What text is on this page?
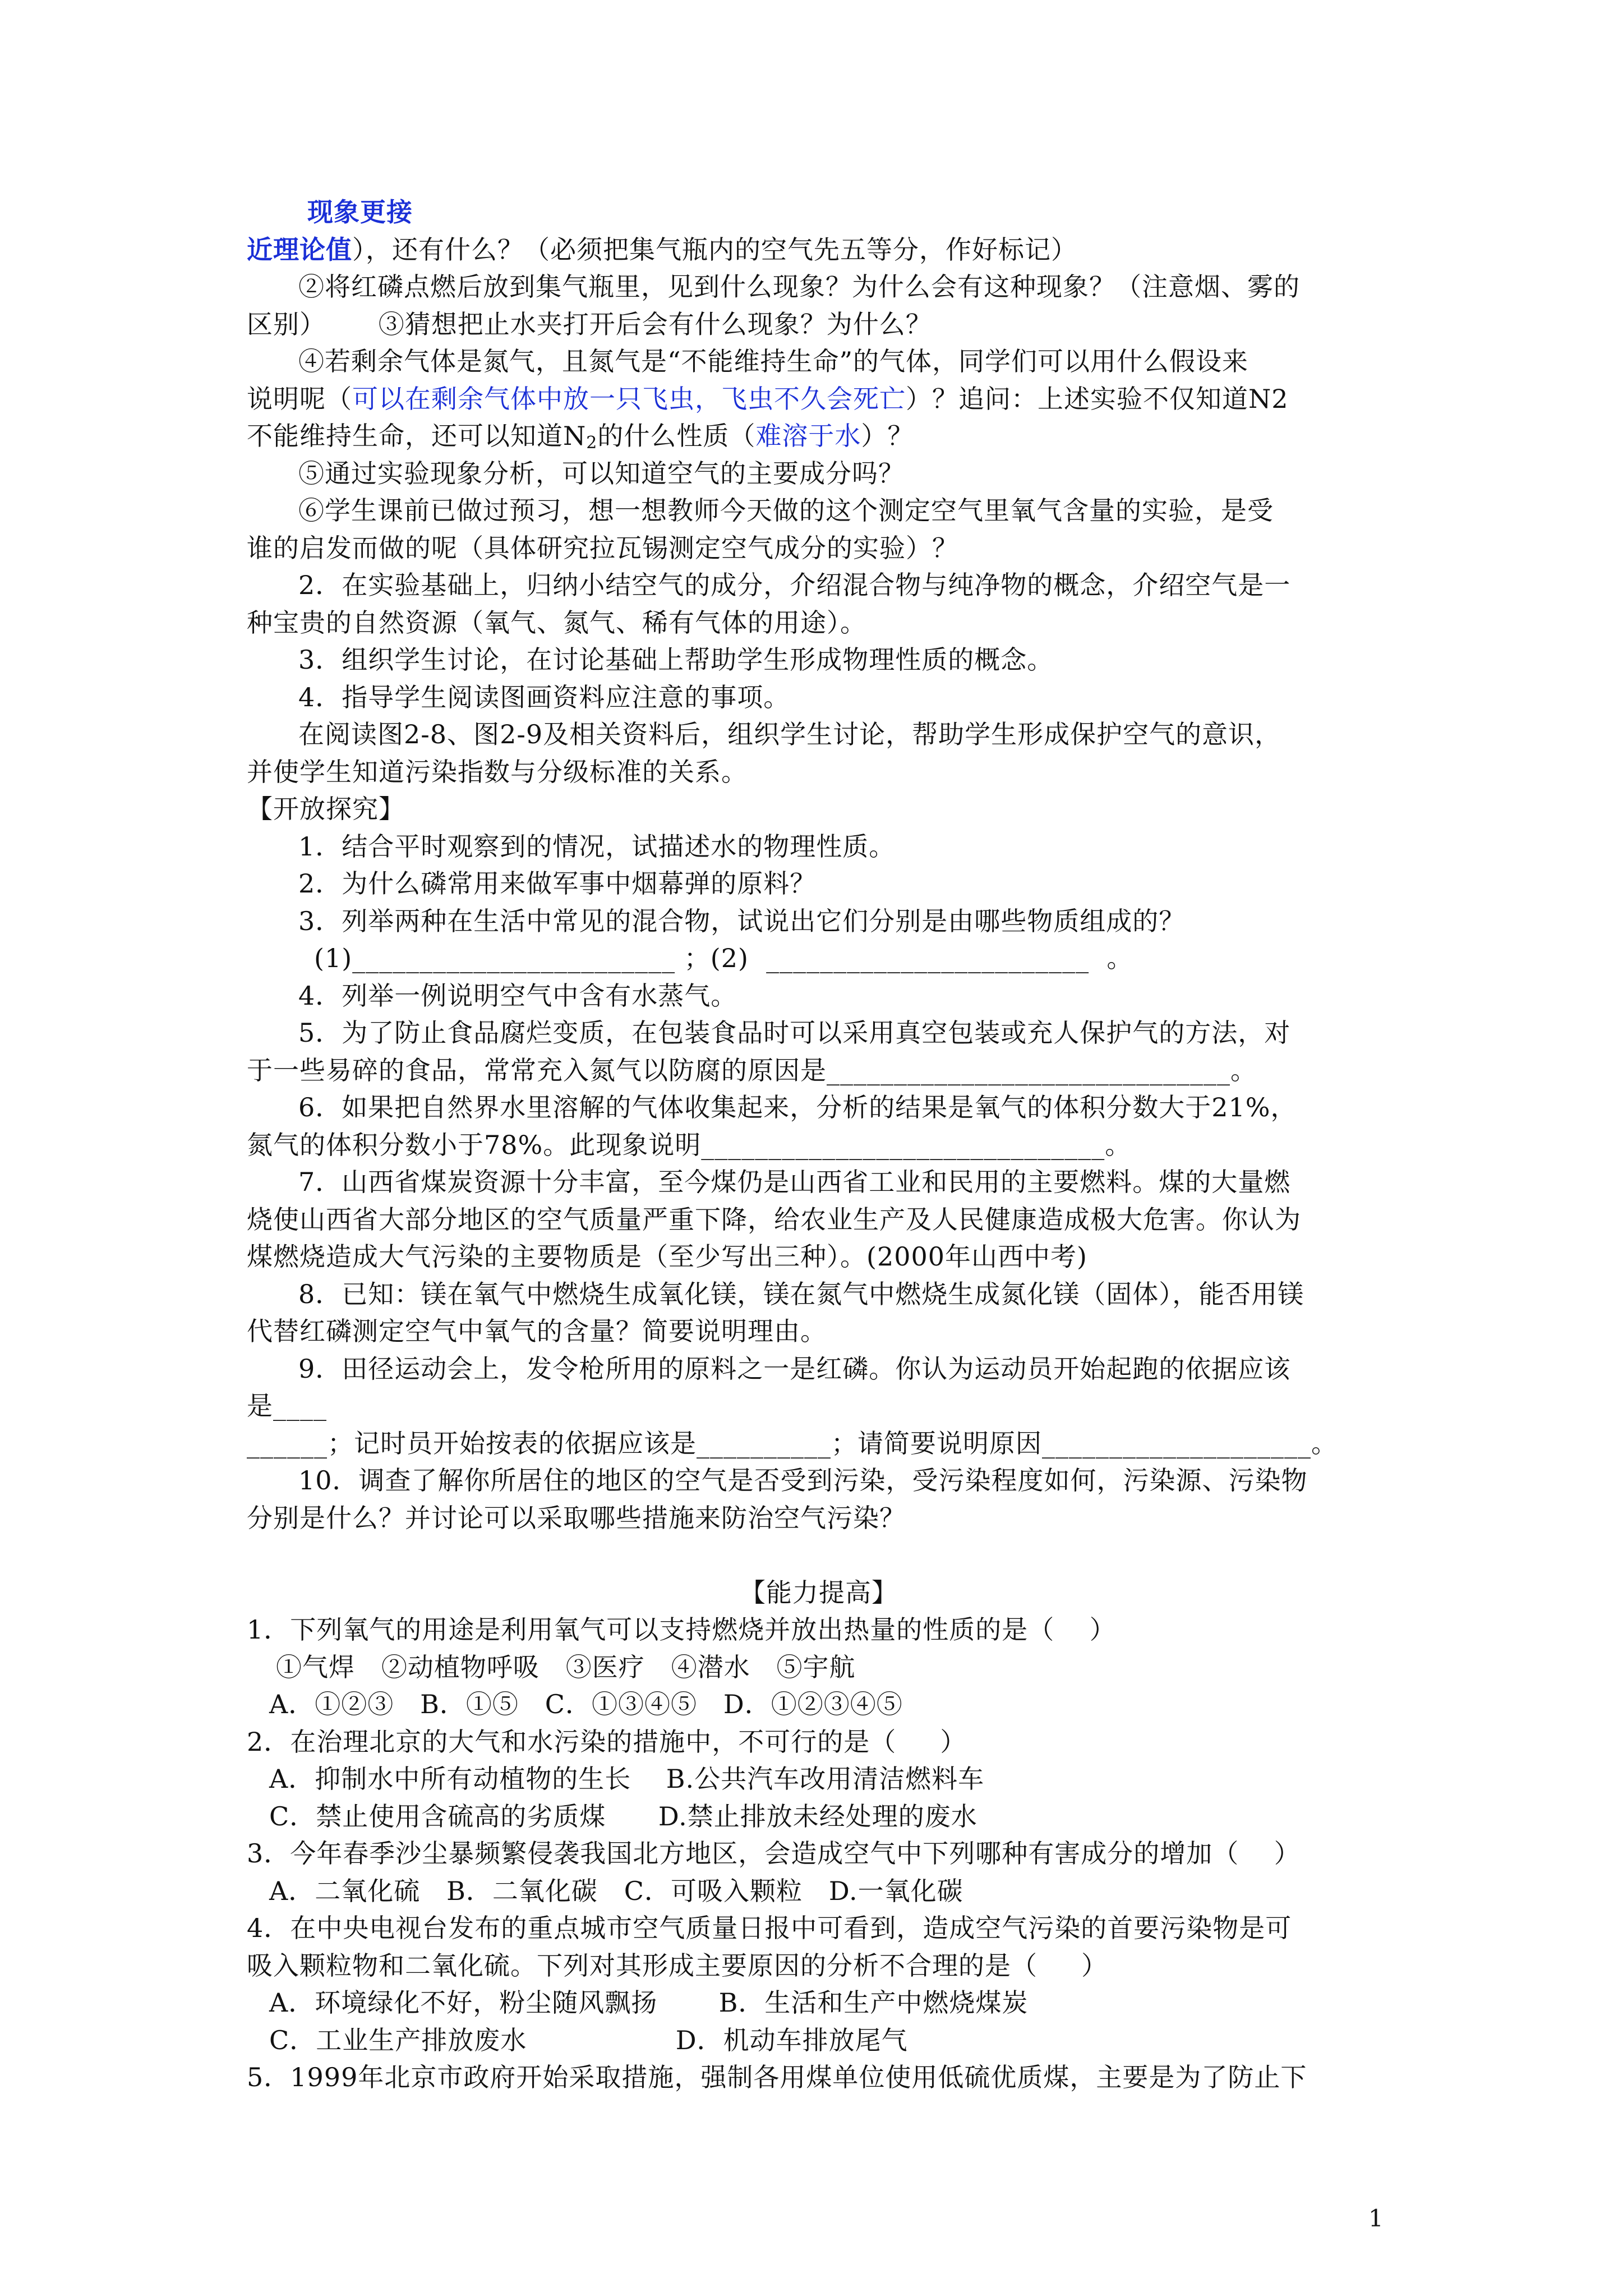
现象更接
近理论值），还有什么？（必须把集气瓶内的空气先五等分，作好标记）
②将红磷点燃后放到集气瓶里，见到什么现象？为什么会有这种现象？（注意烟、雾的
区别）      ③猜想把止水夹打开后会有什么现象？为什么？
④若剩余气体是氮气，且氮气是“不能维持生命”的气体，同学们可以用什么假设来
说明呢（可以在剩余气体中放一只飞虫，飞虫不久会死亡）？追问：上述实验不仅知道N2
不能维持生命，还可以知道$N_2$的什么性质（难溶于水）？
⑤通过实验现象分析，可以知道空气的主要成分吗？
⑥学生课前已做过预习，想一想教师今天做的这个测定空气里氧气含量的实验，是受
谁的启发而做的呢（具体研究拉瓦锡测定空气成分的实验）？
2．在实验基础上，归纳小结空气的成分，介绍混合物与纯净物的概念，介绍空气是一
种宝贵的自然资源（氧气、氮气、稀有气体的用途）。
3．组织学生讨论，在讨论基础上帮助学生形成物理性质的概念。
4．指导学生阅读图画资料应注意的事项。
在阅读图2-8、图2-9及相关资料后，组织学生讨论，帮助学生形成保护空气的意识，
并使学生知道污染指数与分级标准的关系。
【开放探究】
1．结合平时观察到的情况，试描述水的物理性质。
2．为什么磷常用来做军事中烟幕弹的原料？
3．列举两种在生活中常见的混合物，试说出它们分别是由哪些物质组成的？
(1)________________________ ；(2)  ________________________  。
4．列举一例说明空气中含有水蒸气。
5．为了防止食品腐烂变质，在包装食品时可以采用真空包装或充人保护气的方法，对
于一些易碎的食品，常常充入氮气以防腐的原因是______________________________。
6．如果把自然界水里溶解的气体收集起来，分析的结果是氧气的体积分数大于21%，
氮气的体积分数小于78%。此现象说明______________________________。
7．山西省煤炭资源十分丰富，至今煤仍是山西省工业和民用的主要燃料。煤的大量燃
烧使山西省大部分地区的空气质量严重下降，给农业生产及人民健康造成极大危害。你认为
煤燃烧造成大气污染的主要物质是（至少写出三种）。(2000年山西中考)
8．已知：镁在氧气中燃烧生成氧化镁，镁在氮气中燃烧生成氮化镁（固体），能否用镁
代替红磷测定空气中氧气的含量？简要说明理由。
9．田径运动会上，发令枪所用的原料之一是红磷。你认为运动员开始起跑的依据应该
是____
______；记时员开始按表的依据应该是__________；请简要说明原因____________________。
10．调查了解你所居住的地区的空气是否受到污染，受污染程度如何，污染源、污染物
分别是什么？并讨论可以采取哪些措施来防治空气污染？
【能力提高】
1．下列氧气的用途是利用氧气可以支持燃烧并放出热量的性质的是（    ）
①气焊   ②动植物呼吸   ③医疗   ④潜水   ⑤宇航
A．①②③   B．①⑤   C．①③④⑤   D．①②③④⑤
2．在治理北京的大气和水污染的措施中，不可行的是（     ）
A．抑制水中所有动植物的生长    B.公共汽车改用清洁燃料车
C．禁止使用含硫高的劣质煤      D.禁止排放未经处理的废水
3．今年春季沙尘暴频繁侵袭我国北方地区，会造成空气中下列哪种有害成分的增加（    ）
A．二氧化硫   B．二氧化碳   C．可吸入颗粒   D.一氧化碳
4．在中央电视台发布的重点城市空气质量日报中可看到，造成空气污染的首要污染物是可
吸入颗粒物和二氧化硫。下列对其形成主要原因的分析不合理的是（     ）
A．环境绿化不好，粉尘随风飘扬       B．生活和生产中燃烧煤炭
C．工业生产排放废水                 D．机动车排放尾气
5．1999年北京市政府开始采取措施，强制各用煤单位使用低硫优质煤，主要是为了防止下
1
